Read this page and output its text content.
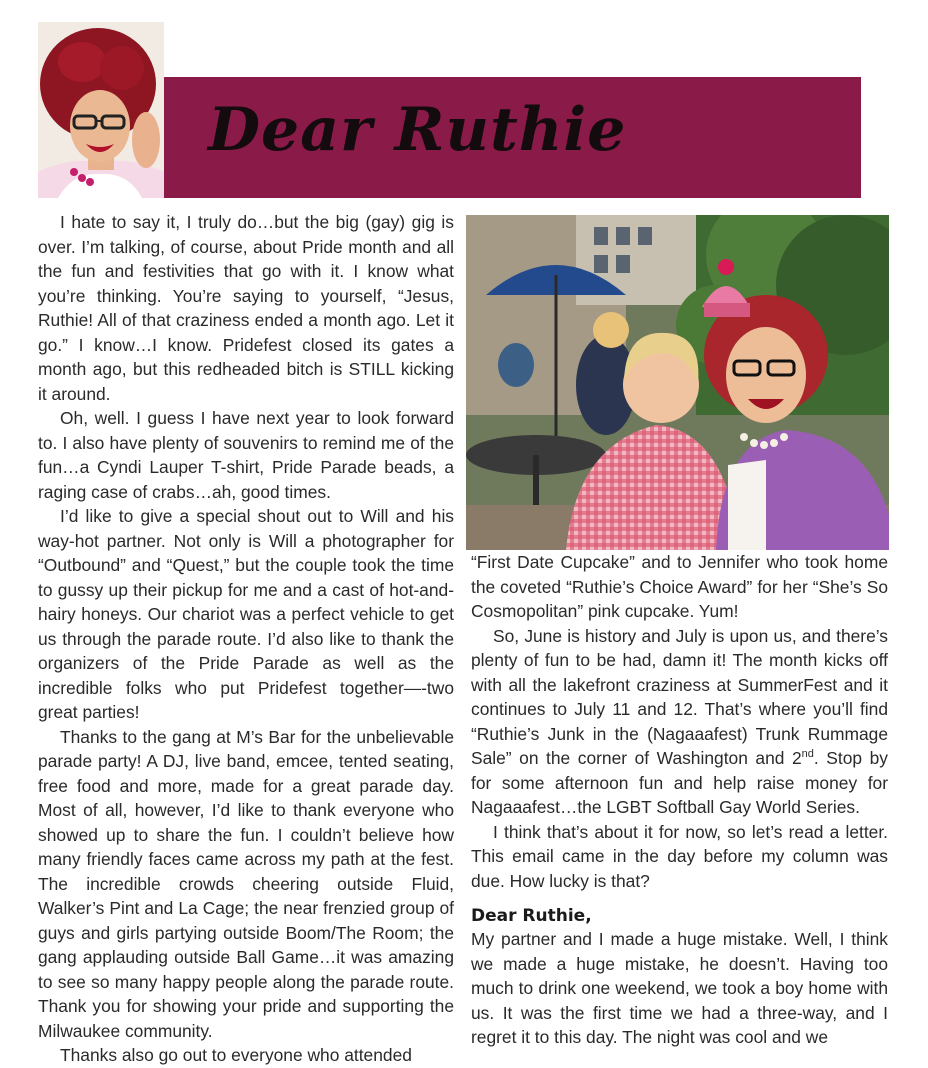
Dear Ruthie

I hate to say it, I truly do…but the big (gay) gig is over. I’m talking, of course, about Pride month and all the fun and festivities that go with it. I know what you’re thinking. You’re saying to yourself, “Jesus, Ruthie! All of that craziness ended a month ago. Let it go.” I know…I know. Pridefest closed its gates a month ago, but this redheaded bitch is STILL kicking it around.

Oh, well. I guess I have next year to look forward to. I also have plenty of souvenirs to remind me of the fun…a Cyndi Lauper T-shirt, Pride Parade beads, a raging case of crabs…ah, good times.

I’d like to give a special shout out to Will and his way-hot partner. Not only is Will a photographer for “Outbound” and “Quest,” but the couple took the time to gussy up their pickup for me and a cast of hot-and-hairy honeys. Our chariot was a perfect vehicle to get us through the parade route. I’d also like to thank the organizers of the Pride Parade as well as the incredible folks who put Pridefest together—-two great parties!

Thanks to the gang at M’s Bar for the unbelievable parade party! A DJ, live band, emcee, tented seating, free food and more, made for a great parade day. Most of all, however, I’d like to thank everyone who showed up to share the fun. I couldn’t believe how many friendly faces came across my path at the fest. The incredible crowds cheering outside Fluid, Walker’s Pint and La Cage; the near frenzied group of guys and girls partying outside Boom/The Room; the gang applauding outside Ball Game…it was amazing to see so many happy people along the parade route. Thank you for showing your pride and supporting the Milwaukee community.

Thanks also go out to everyone who attended

“First Date Cupcake” and to Jennifer who took home the coveted “Ruthie’s Choice Award” for her “She’s So Cosmopolitan” pink cupcake. Yum!

So, June is history and July is upon us, and there’s plenty of fun to be had, damn it! The month kicks off with all the lakefront craziness at SummerFest and it continues to July 11 and 12. That’s where you’ll find “Ruthie’s Junk in the (Nagaaafest) Trunk Rummage Sale” on the corner of Washington and 2nd. Stop by for some afternoon fun and help raise money for Nagaaafest…the LGBT Softball Gay World Series.

I think that’s about it for now, so let’s read a letter. This email came in the day before my column was due. How lucky is that?

Dear Ruthie,

My partner and I made a huge mistake. Well, I think we made a huge mistake, he doesn’t. Having too much to drink one weekend, we took a boy home with us. It was the first time we had a three-way, and I regret it to this day. The night was cool and we
